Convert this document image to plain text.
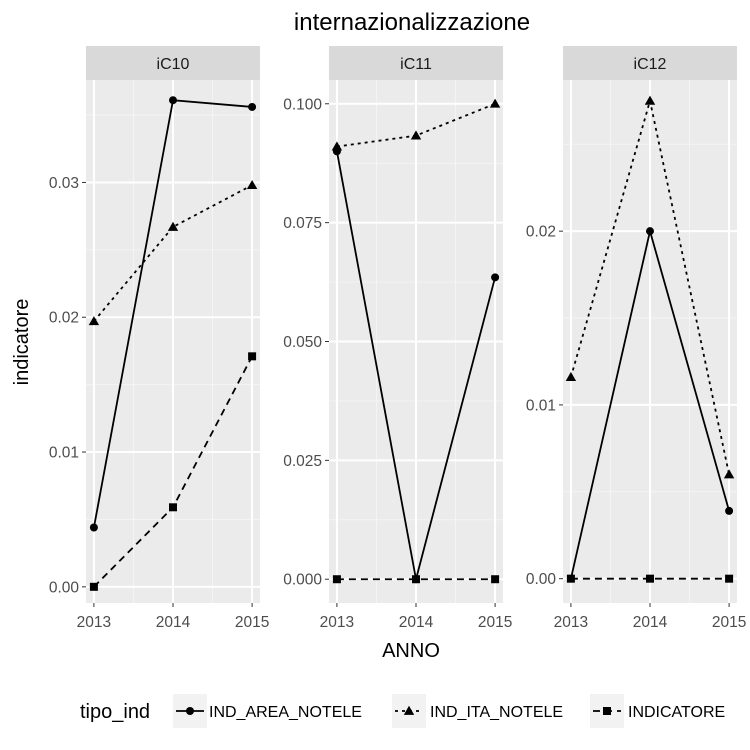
internazionalizzazione
iC10
0.00
0.01
0.02
0.03
2013	2014	2015
iC11
0.000
0.025
0.050
0.075
0.100
2013	2014	2015
iC12
0.00
0.01
0.02
2013	2014	2015
ANNO
indicatore
tipo_ind	IND_AREA_NOTELE	IND_ITA_NOTELE	INDICATORE
